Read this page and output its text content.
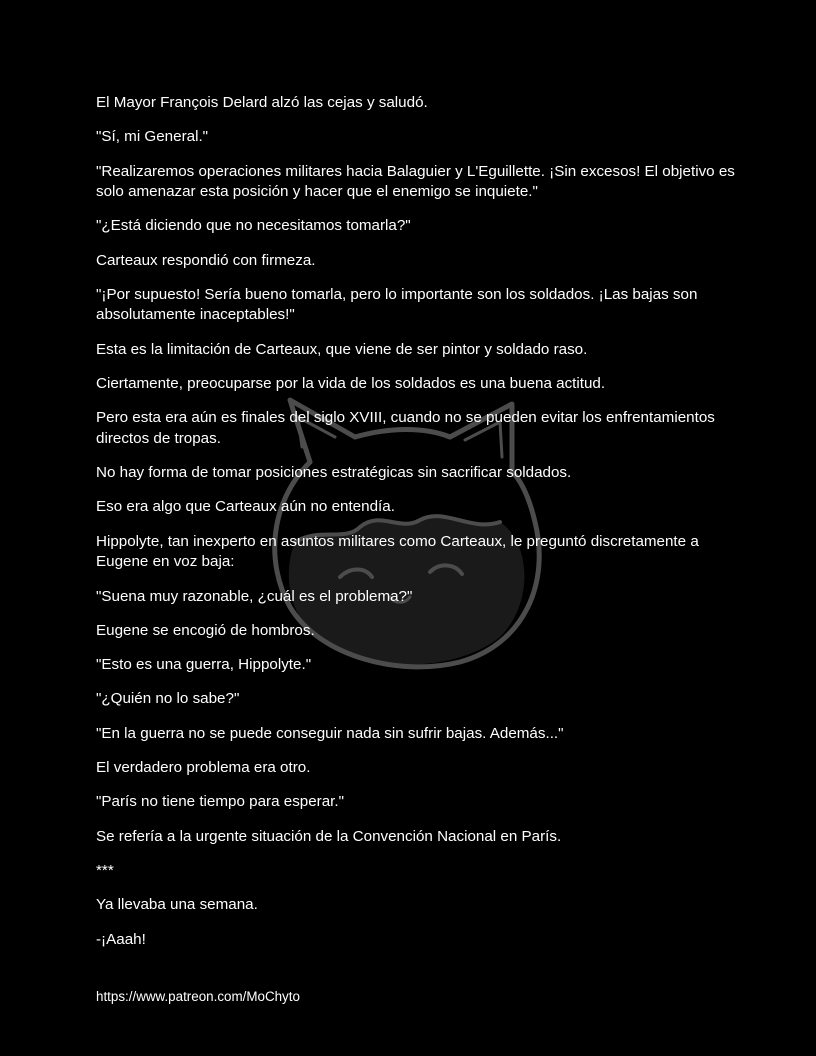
El Mayor François Delard alzó las cejas y saludó.

"Sí, mi General."

"Realizaremos operaciones militares hacia Balaguier y L'Eguillette. ¡Sin excesos! El objetivo es solo amenazar esta posición y hacer que el enemigo se inquiete."

"¿Está diciendo que no necesitamos tomarla?"

Carteaux respondió con firmeza.

"¡Por supuesto! Sería bueno tomarla, pero lo importante son los soldados. ¡Las bajas son absolutamente inaceptables!"

Esta es la limitación de Carteaux, que viene de ser pintor y soldado raso.

Ciertamente, preocuparse por la vida de los soldados es una buena actitud.

Pero esta era aún es finales del siglo XVIII, cuando no se pueden evitar los enfrentamientos directos de tropas.

No hay forma de tomar posiciones estratégicas sin sacrificar soldados.

Eso era algo que Carteaux aún no entendía.

Hippolyte, tan inexperto en asuntos militares como Carteaux, le preguntó discretamente a Eugene en voz baja:

"Suena muy razonable, ¿cuál es el problema?"

Eugene se encogió de hombros.

"Esto es una guerra, Hippolyte."

"¿Quién no lo sabe?"

"En la guerra no se puede conseguir nada sin sufrir bajas. Además..."

El verdadero problema era otro.

"París no tiene tiempo para esperar."

Se refería a la urgente situación de la Convención Nacional en París.

***

Ya llevaba una semana.

-¡Aaah!

https://www.patreon.com/MoChyto
